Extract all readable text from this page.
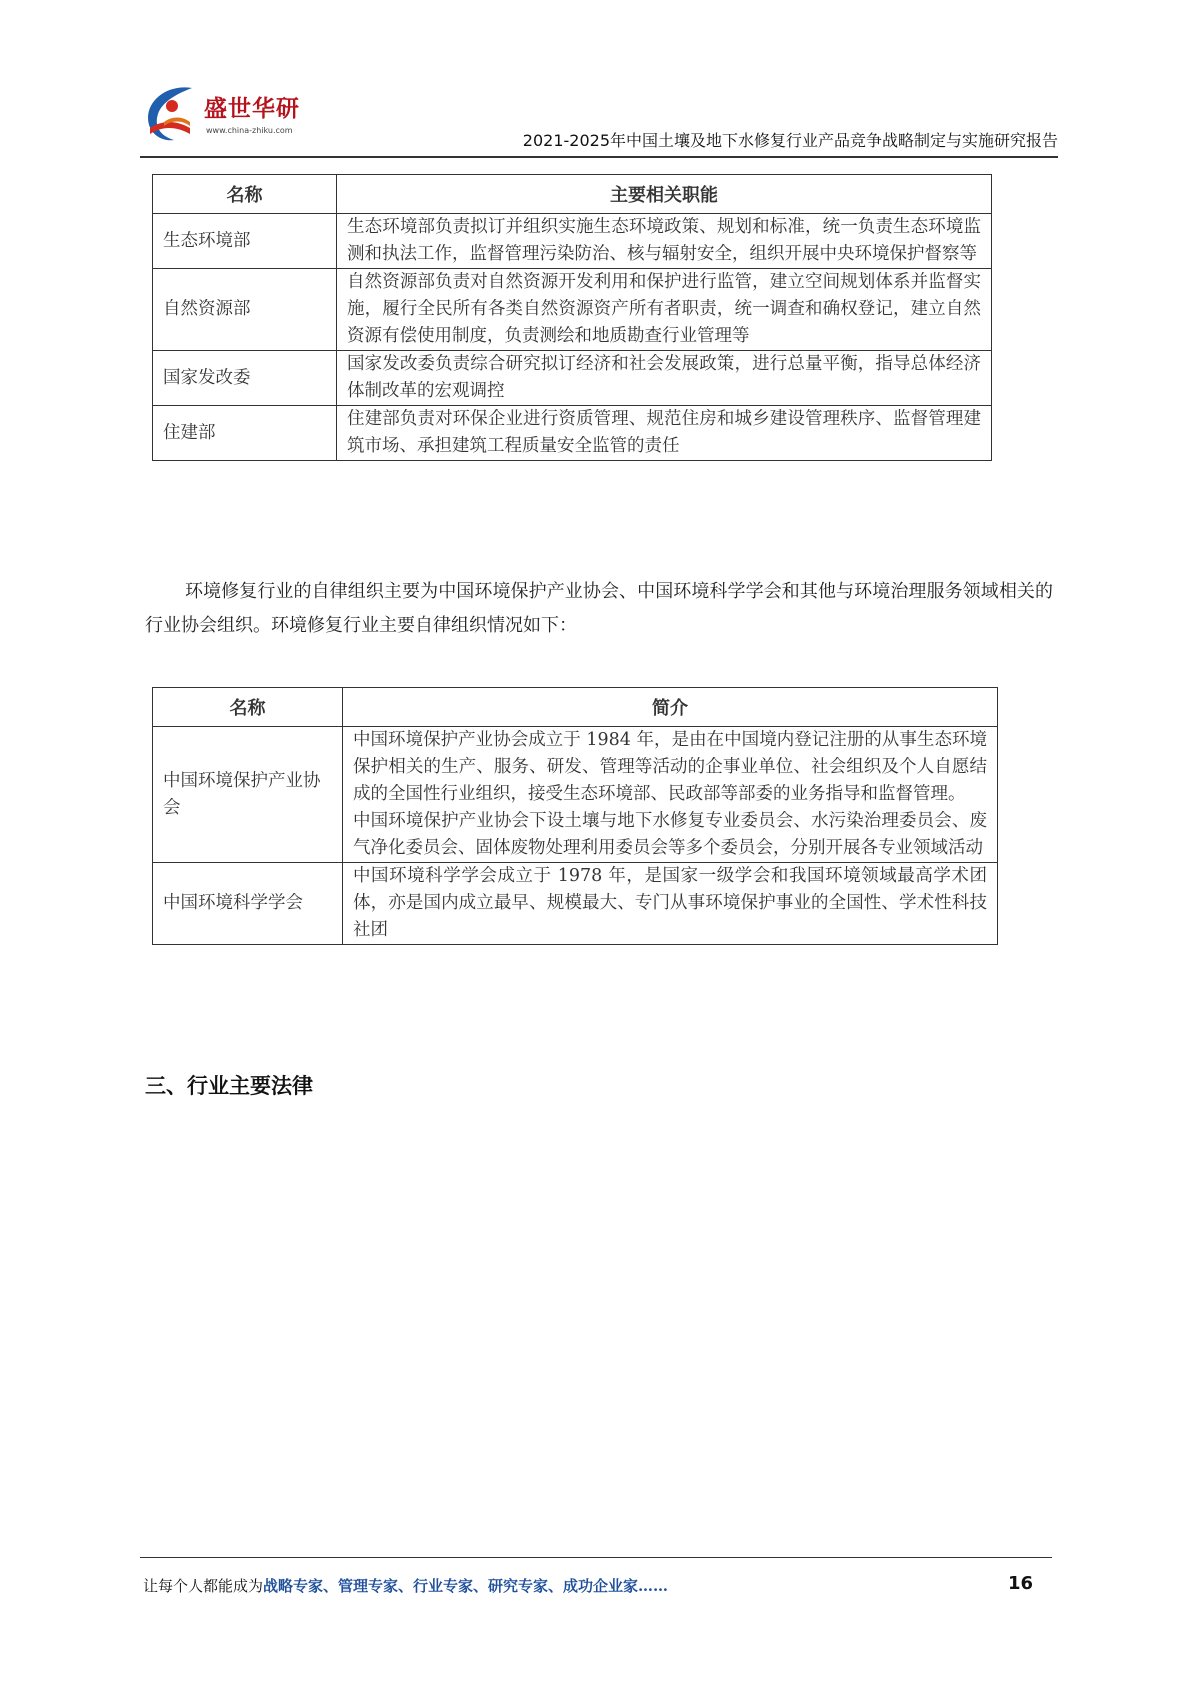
盛世华研
www.china-zhiku.com
2021-2025年中国土壤及地下水修复行业产品竞争战略制定与实施研究报告
名称	主要相关职能
生态环境部	生态环境部负责拟订并组织实施生态环境政策、规划和标准，统一负责生态环境监测和执法工作，监督管理污染防治、核与辐射安全，组织开展中央环境保护督察等
自然资源部	自然资源部负责对自然资源开发利用和保护进行监管，建立空间规划体系并监督实施，履行全民所有各类自然资源资产所有者职责，统一调查和确权登记，建立自然资源有偿使用制度，负责测绘和地质勘查行业管理等
国家发改委	国家发改委负责综合研究拟订经济和社会发展政策，进行总量平衡，指导总体经济体制改革的宏观调控
住建部	住建部负责对环保企业进行资质管理、规范住房和城乡建设管理秩序、监督管理建筑市场、承担建筑工程质量安全监管的责任
环境修复行业的自律组织主要为中国环境保护产业协会、中国环境科学学会和其他与环境治理服务领域相关的行业协会组织。环境修复行业主要自律组织情况如下：
名称	简介
中国环境保护产业协会	中国环境保护产业协会成立于 1984 年，是由在中国境内登记注册的从事生态环境保护相关的生产、服务、研发、管理等活动的企事业单位、社会组织及个人自愿结成的全国性行业组织，接受生态环境部、民政部等部委的业务指导和监督管理。
中国环境保护产业协会下设土壤与地下水修复专业委员会、水污染治理委员会、废气净化委员会、固体废物处理利用委员会等多个委员会，分别开展各专业领域活动

中国环境科学学会	中国环境科学学会成立于 1978 年，是国家一级学会和我国环境领域最高学术团体，亦是国内成立最早、规模最大、专门从事环境保护事业的全国性、学术性科技社团
三、行业主要法律
让每个人都能成为战略专家、管理专家、行业专家、研究专家、成功企业家……	16
